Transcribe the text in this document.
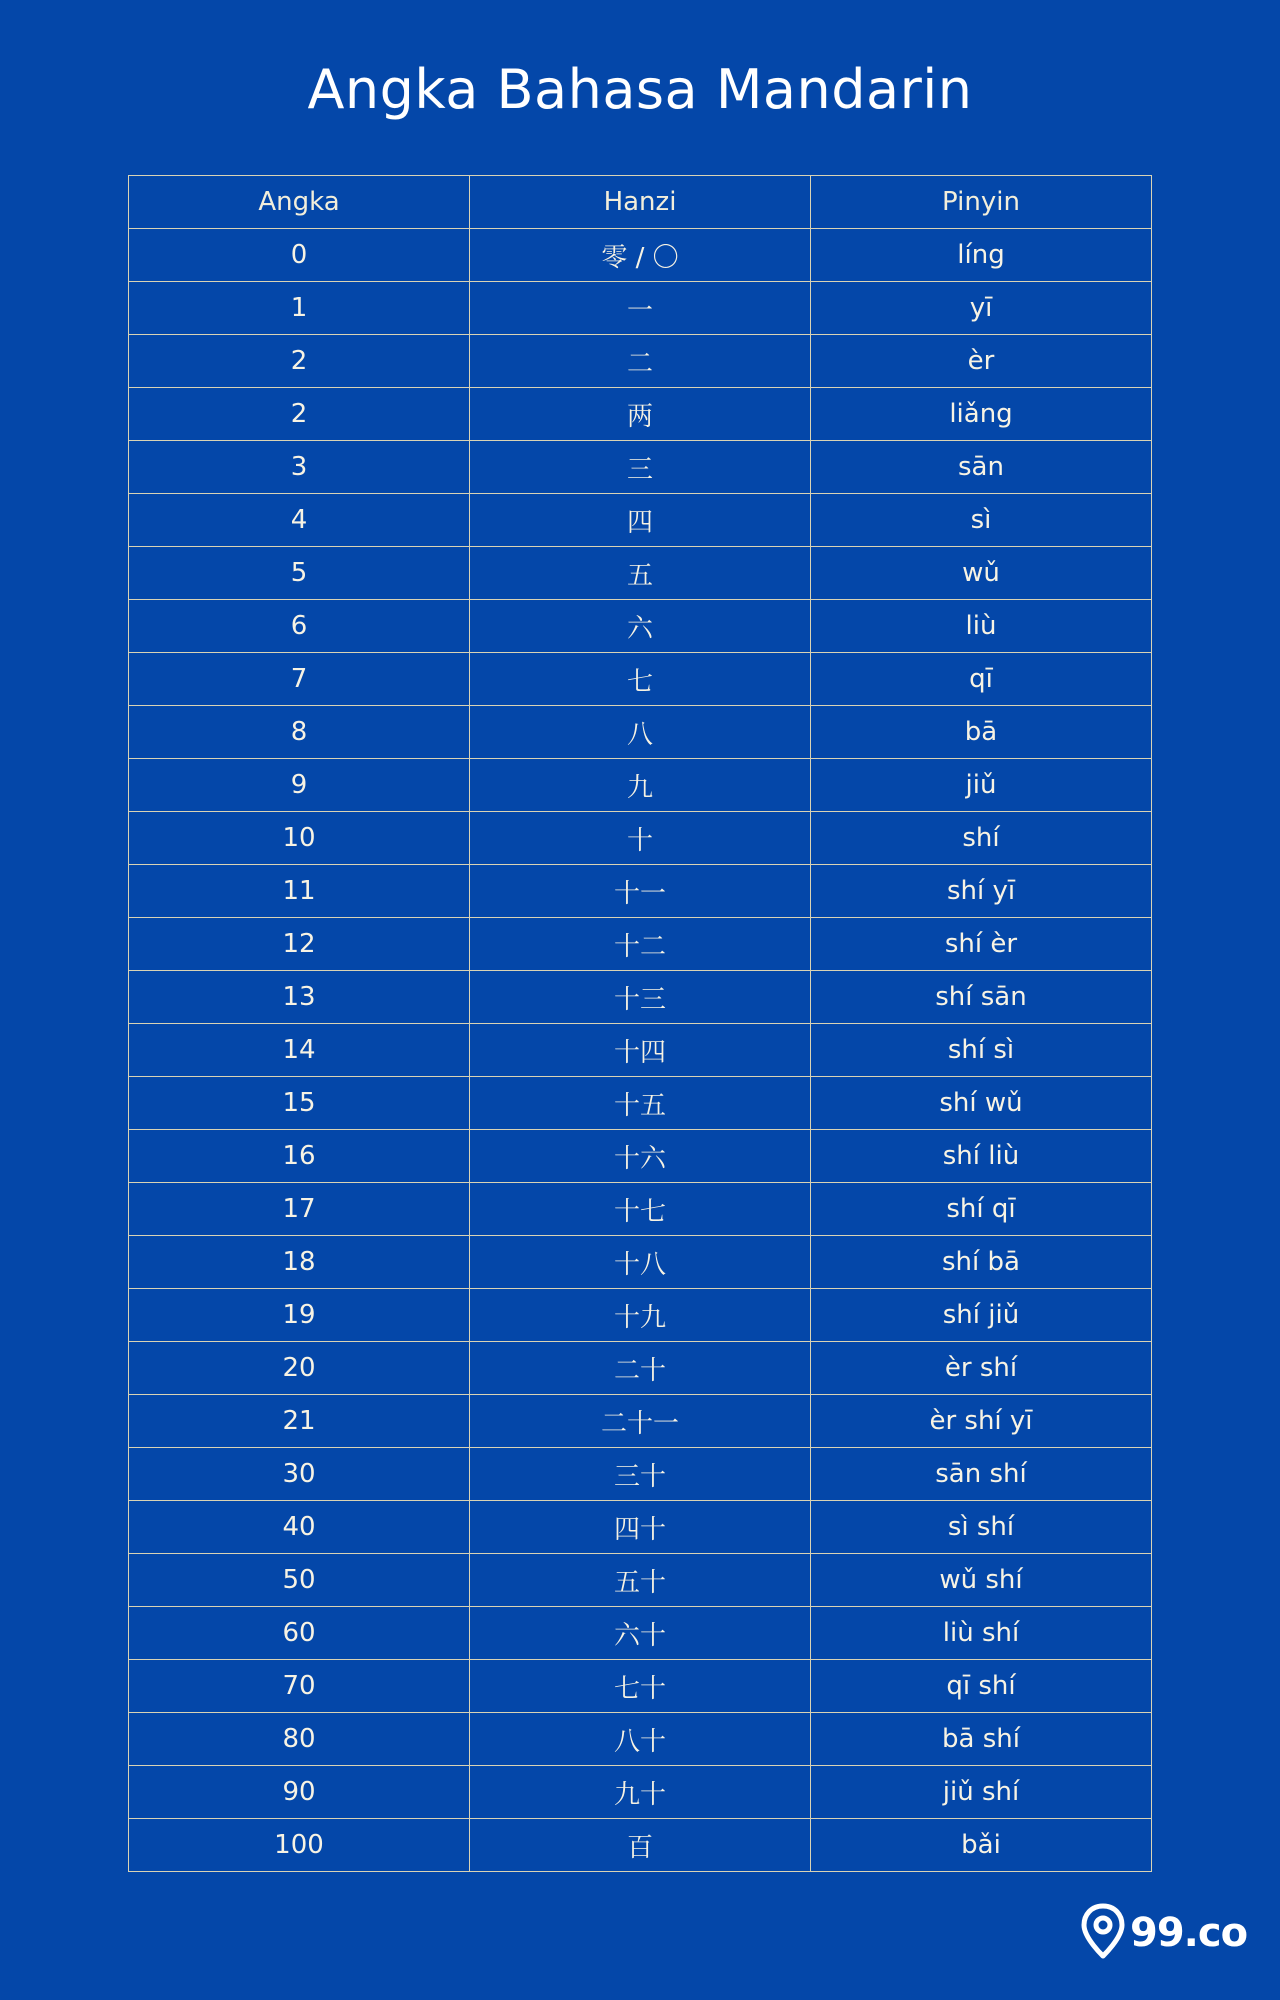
Angka Bahasa Mandarin
Angka	Hanzi	Pinyin
0	零 / 〇	líng
1	一	yī
2	二	èr
2	两	liǎng
3	三	sān
4	四	sì
5	五	wǔ
6	六	liù
7	七	qī
8	八	bā
9	九	jiǔ
10	十	shí
11	十一	shí yī
12	十二	shí èr
13	十三	shí sān
14	十四	shí sì
15	十五	shí wǔ
16	十六	shí liù
17	十七	shí qī
18	十八	shí bā
19	十九	shí jiǔ
20	二十	èr shí
21	二十一	èr shí yī
30	三十	sān shí
40	四十	sì shí
50	五十	wǔ shí
60	六十	liù shí
70	七十	qī shí
80	八十	bā shí
90	九十	jiǔ shí
100	百	bǎi
99.co
